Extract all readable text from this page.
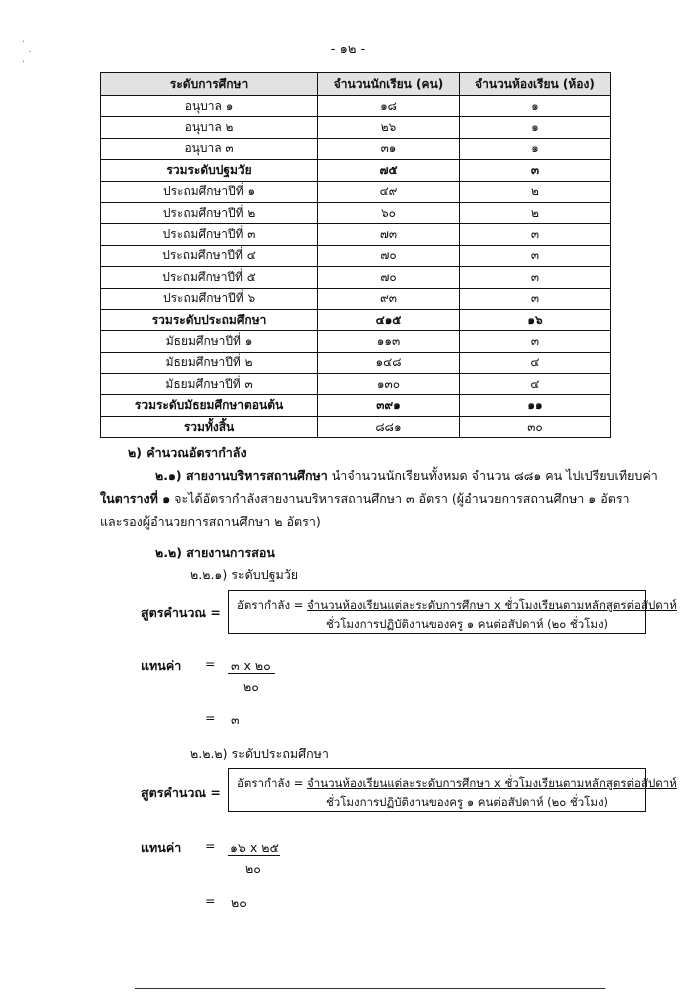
·
·
·
- ๑๒ -
ระดับการศึกษา	จำนวนนักเรียน (คน)	จำนวนห้องเรียน (ห้อง)
อนุบาล ๑	๑๘	๑
อนุบาล ๒	๒๖	๑
อนุบาล ๓	๓๑	๑
รวมระดับปฐมวัย	๗๕	๓
ประถมศึกษาปีที่ ๑	๔๙	๒
ประถมศึกษาปีที่ ๒	๖๐	๒
ประถมศึกษาปีที่ ๓	๗๓	๓
ประถมศึกษาปีที่ ๔	๗๐	๓
ประถมศึกษาปีที่ ๕	๗๐	๓
ประถมศึกษาปีที่ ๖	๙๓	๓
รวมระดับประถมศึกษา	๔๑๕	๑๖
มัธยมศึกษาปีที่ ๑	๑๑๓	๓
มัธยมศึกษาปีที่ ๒	๑๔๘	๔
มัธยมศึกษาปีที่ ๓	๑๓๐	๔
รวมระดับมัธยมศึกษาตอนต้น	๓๙๑	๑๑
รวมทั้งสิ้น	๘๘๑	๓๐
๒) คำนวณอัตรากำลัง
๒.๑) สายงานบริหารสถานศึกษา นำจำนวนนักเรียนทั้งหมด จำนวน ๘๘๑ คน ไปเปรียบเทียบค่า
ในตารางที่ ๑ จะได้อัตรากำลังสายงานบริหารสถานศึกษา ๓ อัตรา (ผู้อำนวยการสถานศึกษา ๑ อัตรา
และรองผู้อำนวยการสถานศึกษา ๒ อัตรา)
๒.๒) สายงานการสอน
๒.๒.๑) ระดับปฐมวัย
สูตรคำนวณ = อัตรากำลัง = จำนวนห้องเรียนแต่ละระดับการศึกษา x ชั่วโมงเรียนตามหลักสูตรต่อสัปดาห์
ชั่วโมงการปฏิบัติงานของครู ๑ คนต่อสัปดาห์ (๒๐ ชั่วโมง)
แทนค่า = ๓ x ๒๐
๒๐
= ๓
๒.๒.๒) ระดับประถมศึกษา
สูตรคำนวณ =
อัตรากำลัง = จำนวนห้องเรียนแต่ละระดับการศึกษา x ชั่วโมงเรียนตามหลักสูตรต่อสัปดาห์
ชั่วโมงการปฏิบัติงานของครู ๑ คนต่อสัปดาห์ (๒๐ ชั่วโมง)
แทนค่า = ๑๖ x ๒๕
๒๐
= ๒๐
